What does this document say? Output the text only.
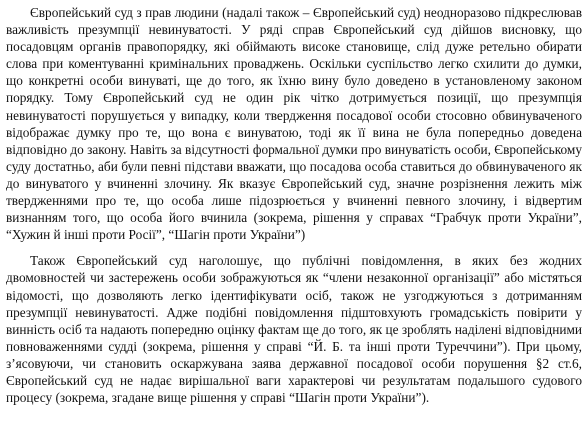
Європейський суд з прав людини (надалі також – Європейський суд) неодноразово підкреслював важливість презумпції невинуватості. У ряді справ Європейський суд дійшов висновку, що посадовцям органів правопорядку, які обіймають високе становище, слід дуже ретельно обирати слова при коментуванні кримінальних проваджень. Оскільки суспільство легко схилити до думки, що конкретні особи винуваті, ще до того, як їхню вину було доведено в установленому законом порядку. Тому Європейський суд не один рік чітко дотримується позиції, що презумпція невинуватості порушується у випадку, коли твердження посадової особи стосовно обвинуваченого відображає думку про те, що вона є винуватою, тоді як її вина не була попередньо доведена відповідно до закону. Навіть за відсутності формальної думки про винуватість особи, Європейському суду достатньо, аби були певні підстави вважати, що посадова особа ставиться до обвинуваченого як до винуватого у вчиненні злочину. Як вказує Європейський суд, значне розрізнення лежить між твердженнями про те, що особа лише підозрюється у вчиненні певного злочину, і відвертим визнанням того, що особа його вчинила (зокрема, рішення у справах “Грабчук проти України”, “Хужин й інші проти Росії”, “Шагін проти України”)

Також Європейський суд наголошує, що публічні повідомлення, в яких без жодних двомовностей чи застережень особи зображуються як “члени незаконної організації” або містяться відомості, що дозволяють легко ідентифікувати осіб, також не узгоджуються з дотриманням презумпції невинуватості. Адже подібні повідомлення підштовхують громадськість повірити у винність осіб та надають попередню оцінку фактам ще до того, як це зроблять наділені відповідними повноваженнями судді (зокрема, рішення у справі “Й. Б. та інші проти Туреччини”). При цьому, з’ясовуючи, чи становить оскаржувана заява державної посадової особи порушення §2 ст.6, Європейський суд не надає вирішальної ваги характеровi чи результатам подальшого судового процесу (зокрема, згадане вище рішення у справі “Шагін проти України”).
